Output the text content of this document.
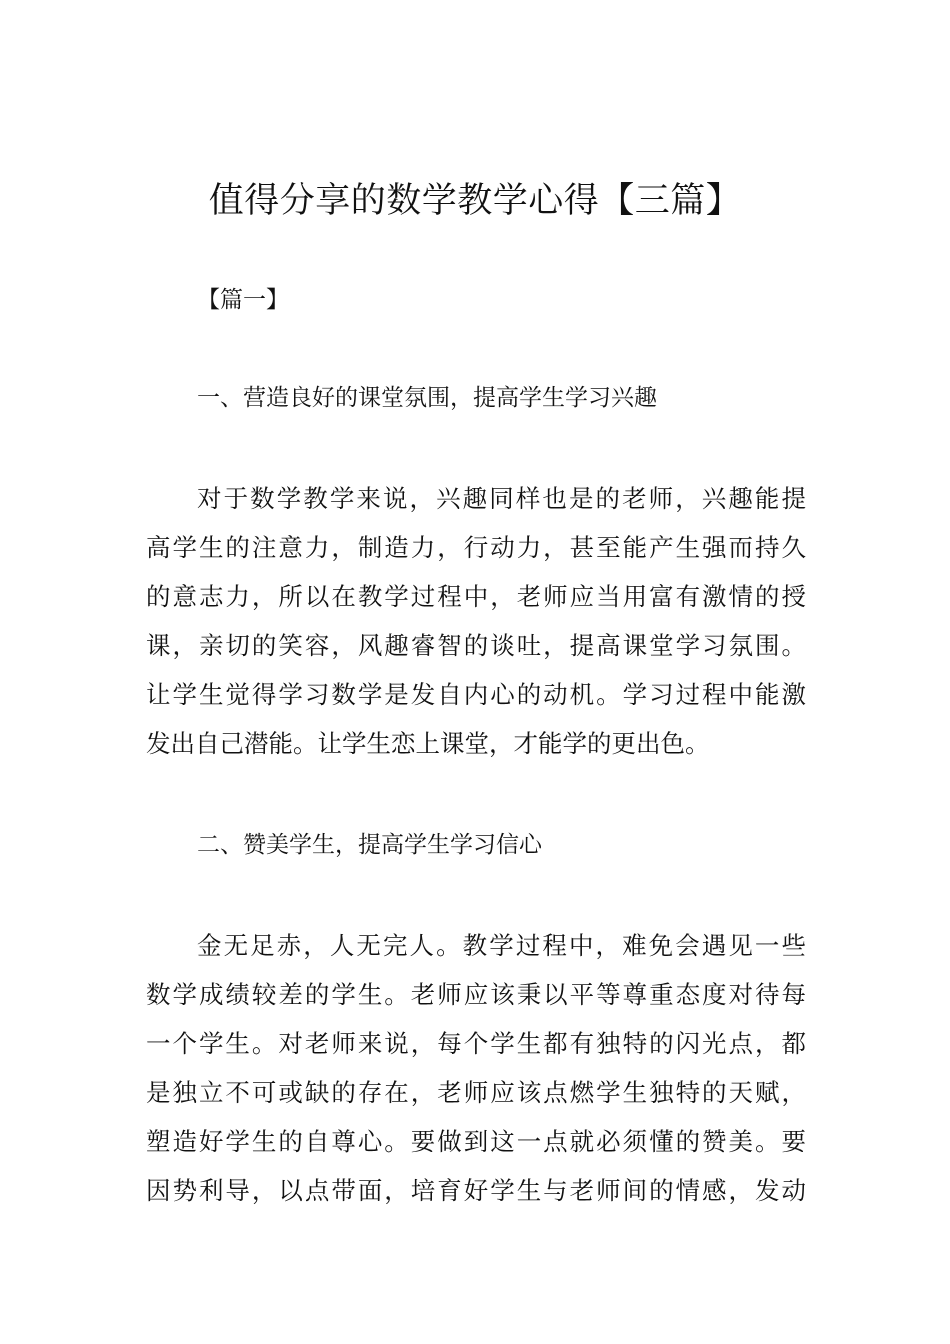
值得分享的数学教学心得【三篇】

【篇一】

一、营造良好的课堂氛围，提高学生学习兴趣

对于数学教学来说，兴趣同样也是的老师，兴趣能提
高学生的注意力，制造力，行动力，甚至能产生强而持久
的意志力，所以在教学过程中，老师应当用富有激情的授
课，亲切的笑容，风趣睿智的谈吐，提高课堂学习氛围。
让学生觉得学习数学是发自内心的动机。学习过程中能激
发出自己潜能。让学生恋上课堂，才能学的更出色。

二、赞美学生，提高学生学习信心

金无足赤，人无完人。教学过程中，难免会遇见一些
数学成绩较差的学生。老师应该秉以平等尊重态度对待每
一个学生。对老师来说，每个学生都有独特的闪光点，都
是独立不可或缺的存在，老师应该点燃学生独特的天赋，
塑造好学生的自尊心。要做到这一点就必须懂的赞美。要
因势利导，以点带面，培育好学生与老师间的情感，发动
